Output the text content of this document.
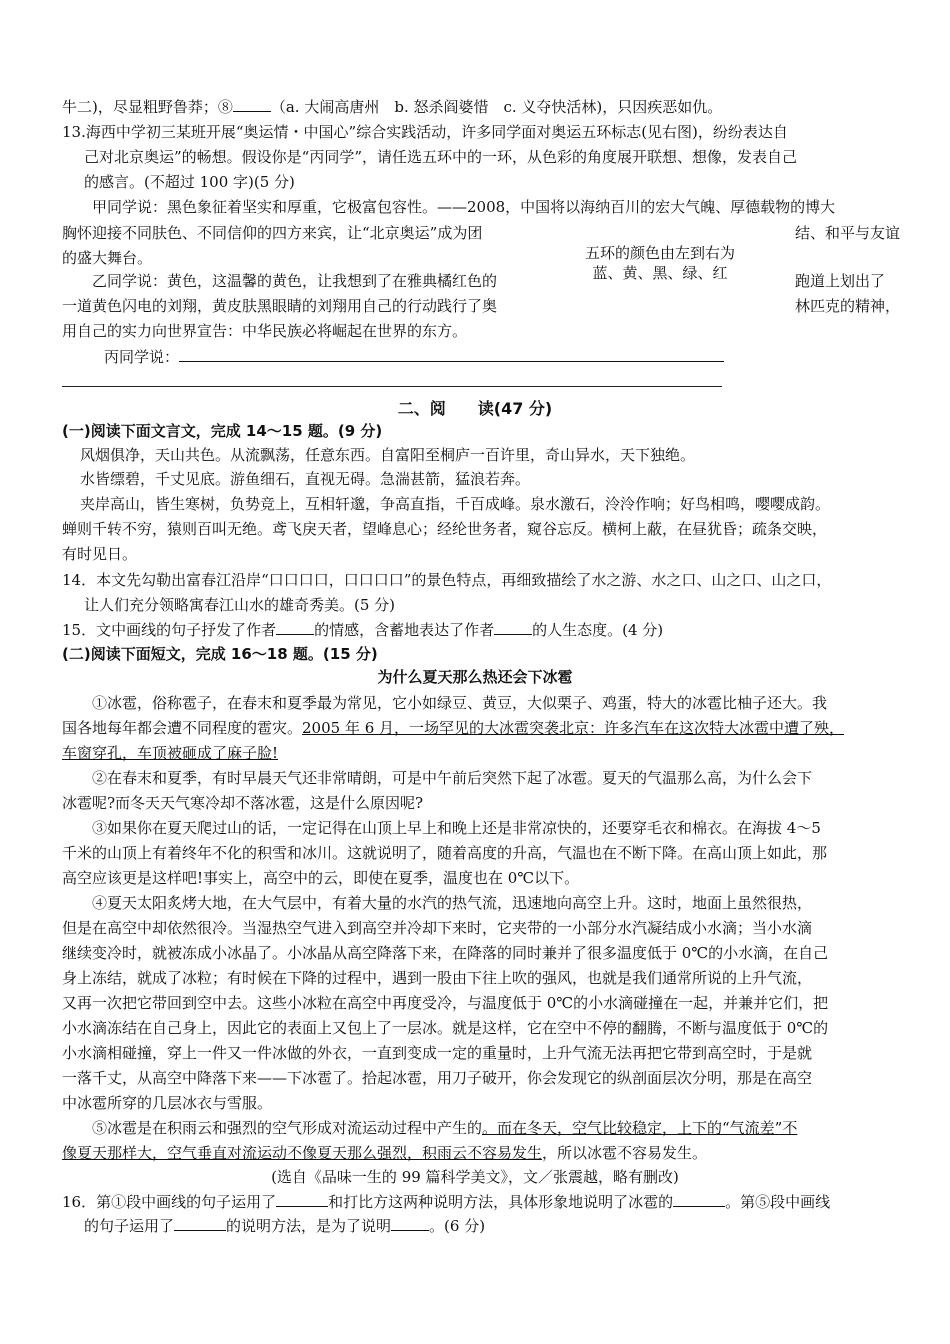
牛二)，尽显粗野鲁莽；⑧	（a. 大闹高唐州　b. 怒杀阎婆惜　c. 义夺快活林)，只因疾恶如仇。
13.海西中学初三某班开展“奥运情・中国心”综合实践活动，许多同学面对奥运五环标志(见右图)，纷纷表达自
己对北京奥运”的畅想。假设你是“丙同学”，请任选五环中的一环，从色彩的角度展开联想、想像，发表自己
的感言。(不超过 100 字)(5 分)
甲同学说：黑色象征着坚实和厚重，它极富包容性。——2008，中国将以海纳百川的宏大气魄、厚德载物的博大
胸怀迎接不同肤色、不同信仰的四方来宾，让“北京奥运”成为团	结、和平与友谊
的盛大舞台。	五环的颜色由左到右为
蓝、黄、黑、绿、红
乙同学说：黄色，这温馨的黄色，让我想到了在雅典橘红色的	跑道上划出了
一道黄色闪电的刘翔，黄皮肤黑眼睛的刘翔用自己的行动践行了奥	林匹克的精神，
用自己的实力向世界宣告：中华民族必将崛起在世界的东方。
丙同学说：
二、阅　　读(47 分)
(一)阅读下面文言文，完成 14～15 题。(9 分)
风烟俱净，天山共色。从流飘荡，任意东西。自富阳至桐庐一百许里，奇山异水，天下独绝。
水皆缥碧，千丈见底。游鱼细石，直视无碍。急湍甚箭，猛浪若奔。
夹岸高山，皆生寒树，负势竞上，互相轩邈，争高直指，千百成峰。泉水激石，泠泠作响；好鸟相鸣，嘤嘤成韵。
蝉则千转不穷，猿则百叫无绝。鸢飞戾天者，望峰息心；经纶世务者，窥谷忘反。横柯上蔽，在昼犹昏；疏条交映，
有时见日。
14．本文先勾勒出富春江沿岸“口口口口，口口口口”的景色特点，再细致描绘了水之游、水之口、山之口、山之口，
让人们充分领略寓春江山水的雄奇秀美。(5 分)
15．文中画线的句子抒发了作者	的情感，含蓄地表达了作者	的人生态度。(4 分)
(二)阅读下面短文，完成 16～18 题。(15 分)
为什么夏天那么热还会下冰雹
①冰雹，俗称雹子，在春末和夏季最为常见，它小如绿豆、黄豆，大似栗子、鸡蛋，特大的冰雹比柚子还大。我
国各地每年都会遭不同程度的雹灾。2005 年 6 月，一场罕见的大冰雹突袭北京：许多汽车在这次特大冰雹中遭了殃，
车窗穿孔，车顶被砸成了麻子脸!
②在春末和夏季，有时早晨天气还非常晴朗，可是中午前后突然下起了冰雹。夏天的气温那么高，为什么会下
冰雹呢?而冬天天气寒冷却不落冰雹，这是什么原因呢?
③如果你在夏天爬过山的话，一定记得在山顶上早上和晚上还是非常凉快的，还要穿毛衣和棉衣。在海拔 4～5
千米的山顶上有着终年不化的积雪和冰川。这就说明了，随着高度的升高，气温也在不断下降。在高山顶上如此，那
高空应该更是这样吧!事实上，高空中的云，即使在夏季，温度也在 0℃以下。
④夏天太阳炙烤大地，在大气层中，有着大量的水汽的热气流，迅速地向高空上升。这时，地面上虽然很热，
但是在高空中却依然很冷。当湿热空气进入到高空并冷却下来时，它夹带的一小部分水汽凝结成小水滴；当小水滴
继续变冷时，就被冻成小冰晶了。小冰晶从高空降落下来，在降落的同时兼并了很多温度低于 0℃的小水滴，在自己
身上冻结，就成了冰粒；有时候在下降的过程中，遇到一股由下往上吹的强风，也就是我们通常所说的上升气流，
又再一次把它带回到空中去。这些小冰粒在高空中再度受冷，与温度低于 0℃的小水滴碰撞在一起，并兼并它们，把
小水滴冻结在自己身上，因此它的表面上又包上了一层冰。就是这样，它在空中不停的翻腾，不断与温度低于 0℃的
小水滴相碰撞，穿上一件又一件冰做的外衣，一直到变成一定的重量时，上升气流无法再把它带到高空时，于是就
一落千丈，从高空中降落下来——下冰雹了。拾起冰雹，用刀子破开，你会发现它的纵剖面层次分明，那是在高空
中冰雹所穿的几层冰衣与雪服。
⑤冰雹是在积雨云和强烈的空气形成对流运动过程中产生的。而在冬天，空气比较稳定，上下的“气流差”不
像夏天那样大，空气垂直对流运动不像夏天那么强烈，积雨云不容易发生，所以冰雹不容易发生。
(选自《品味一生的 99 篇科学美文》，文／张震越，略有删改)
16．第①段中画线的句子运用了	和打比方这两种说明方法，具体形象地说明了冰雹的	。第⑤段中画线
的句子运用了	的说明方法，是为了说明	。(6 分)
